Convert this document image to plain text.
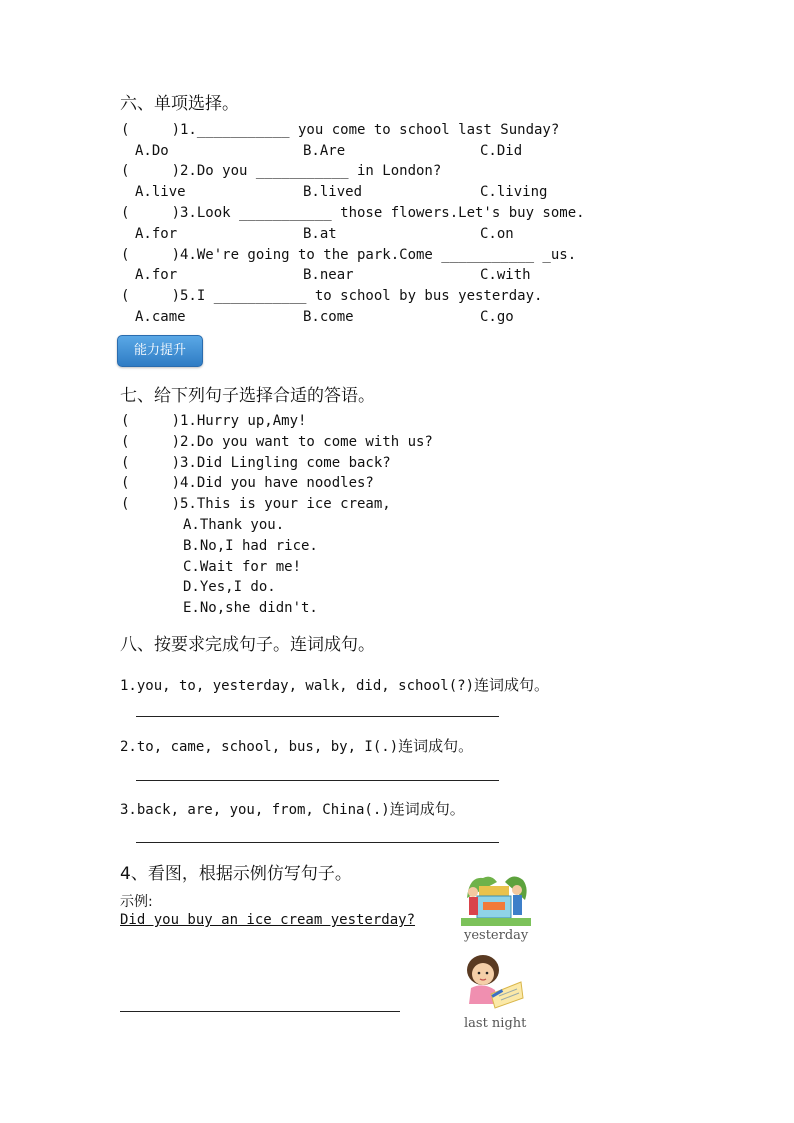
六、单项选择。
(     )1.___________ you come to school last Sunday?
A.Do	B.Are	C.Did
(     )2.Do you ___________ in London?
A.live	B.lived	C.living
(     )3.Look ___________ those flowers.Let's buy some.
A.for	B.at	C.on
(     )4.We're going to the park.Come ___________ _us.
A.for	B.near	C.with
(     )5.I ___________ to school by bus yesterday.
A.came	B.come	C.go
能力提升
七、给下列句子选择合适的答语。
(     )1.Hurry up,Amy!
(     )2.Do you want to come with us?
(     )3.Did Lingling come back?
(     )4.Did you have noodles?
(     )5.This is your ice cream,
A.Thank you.
B.No,I had rice.
C.Wait for me!
D.Yes,I do.
E.No,she didn't.
八、按要求完成句子。连词成句。
1.you, to, yesterday, walk, did, school(?)连词成句。
2.to, came, school, bus, by, I(.)连词成句。
3.back, are, you, from, China(.)连词成句。
4、看图，根据示例仿写句子。
示例:
Did you buy an ice cream yesterday?
yesterday
last night
